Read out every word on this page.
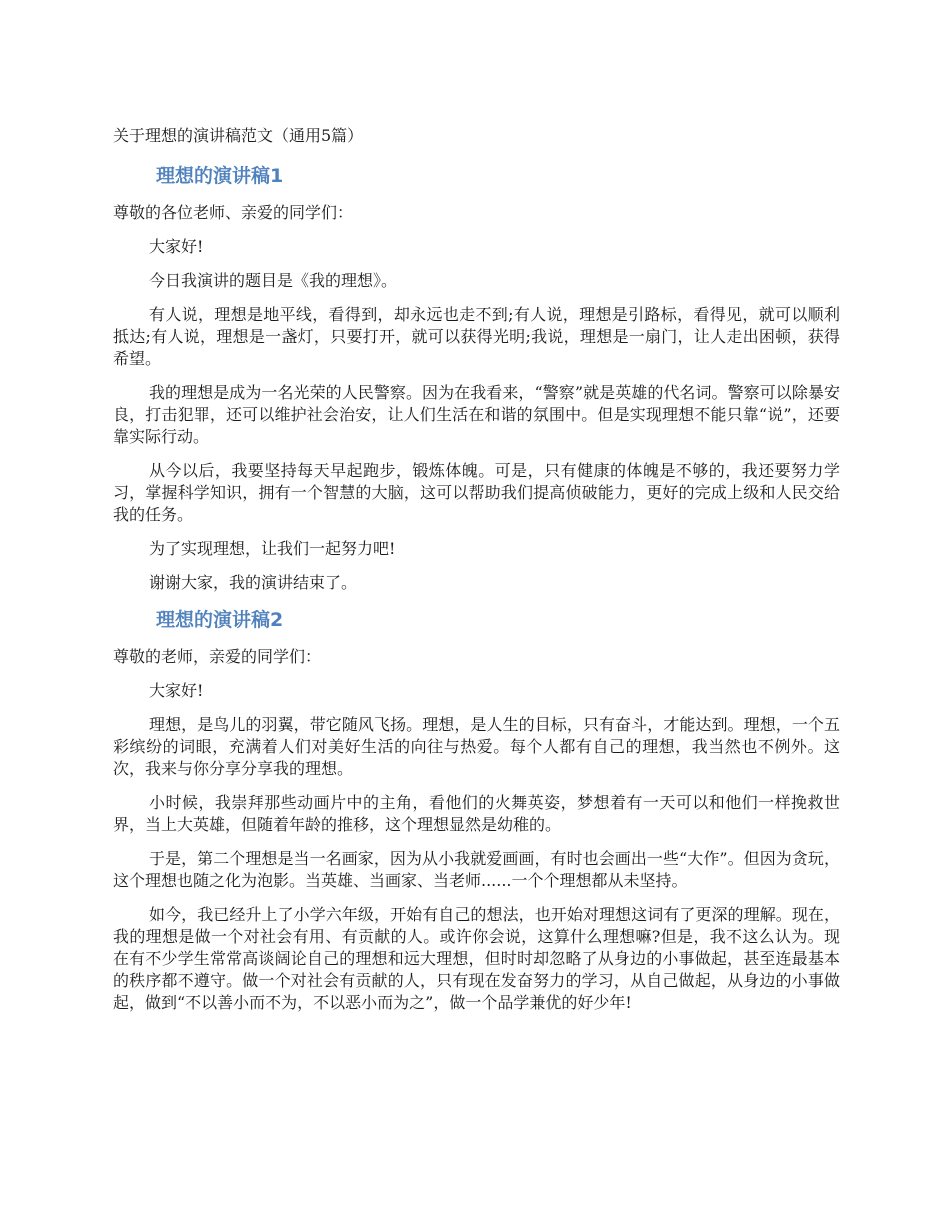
关于理想的演讲稿范文（通用5篇）

理想的演讲稿1

尊敬的各位老师、亲爱的同学们：

大家好!

今日我演讲的题目是《我的理想》。

有人说，理想是地平线，看得到，却永远也走不到;有人说，理想是引路标，看得见，就可以顺利抵达;有人说，理想是一盏灯，只要打开，就可以获得光明;我说，理想是一扇门，让人走出困顿，获得希望。

我的理想是成为一名光荣的人民警察。因为在我看来，“警察”就是英雄的代名词。警察可以除暴安良，打击犯罪，还可以维护社会治安，让人们生活在和谐的氛围中。但是实现理想不能只靠“说”，还要靠实际行动。

从今以后，我要坚持每天早起跑步，锻炼体魄。可是，只有健康的体魄是不够的，我还要努力学习，掌握科学知识，拥有一个智慧的大脑，这可以帮助我们提高侦破能力，更好的完成上级和人民交给我的任务。

为了实现理想，让我们一起努力吧!

谢谢大家，我的演讲结束了。

理想的演讲稿2

尊敬的老师，亲爱的同学们：

大家好!

理想，是鸟儿的羽翼，带它随风飞扬。理想，是人生的目标，只有奋斗，才能达到。理想，一个五彩缤纷的词眼，充满着人们对美好生活的向往与热爱。每个人都有自己的理想，我当然也不例外。这次，我来与你分享分享我的理想。

小时候，我崇拜那些动画片中的主角，看他们的火舞英姿，梦想着有一天可以和他们一样挽救世界，当上大英雄，但随着年龄的推移，这个理想显然是幼稚的。

于是，第二个理想是当一名画家，因为从小我就爱画画，有时也会画出一些“大作”。但因为贪玩，这个理想也随之化为泡影。当英雄、当画家、当老师......一个个理想都从未坚持。

如今，我已经升上了小学六年级，开始有自己的想法，也开始对理想这词有了更深的理解。现在，我的理想是做一个对社会有用、有贡献的人。或许你会说，这算什么理想嘛?但是，我不这么认为。现在有不少学生常常高谈阔论自己的理想和远大理想，但时时却忽略了从身边的小事做起，甚至连最基本的秩序都不遵守。做一个对社会有贡献的人，只有现在发奋努力的学习，从自己做起，从身边的小事做起，做到“不以善小而不为，不以恶小而为之”，做一个品学兼优的好少年!
